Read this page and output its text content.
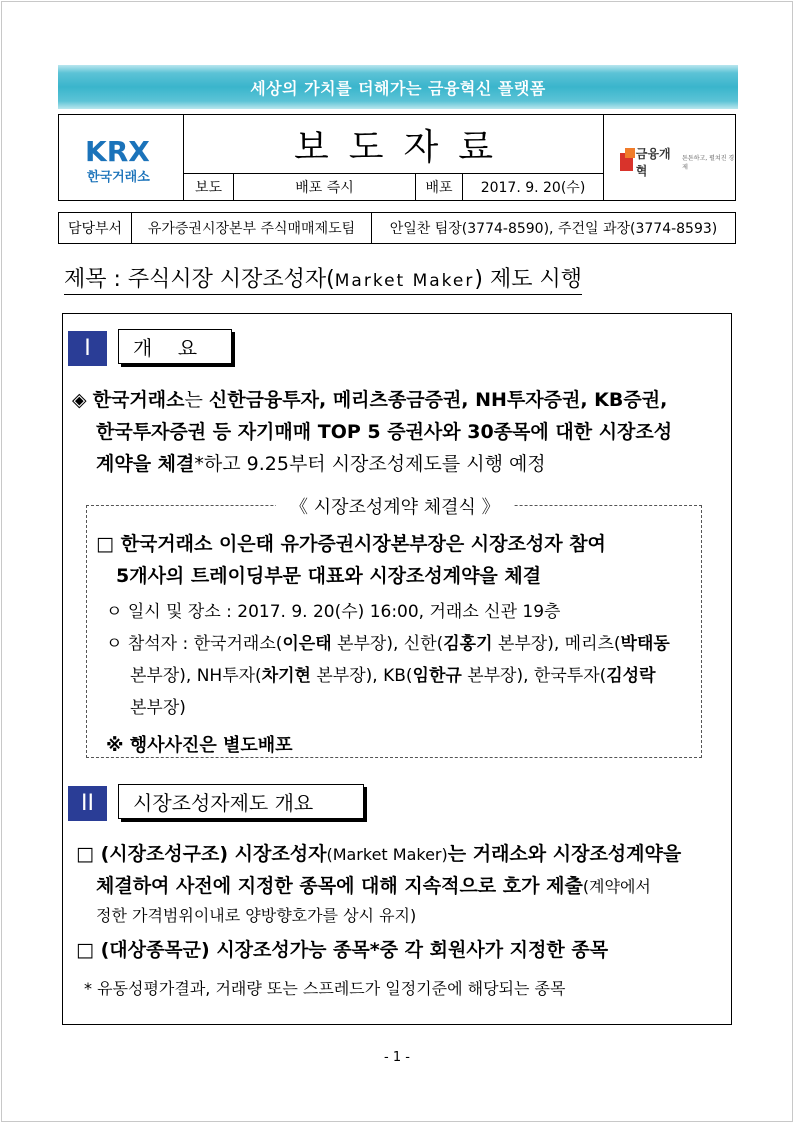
세상의 가치를 더해가는 금융혁신 플랫폼
KRX
한국거래소
보도자료	금융개혁
튼튼하고, 펼쳐진 경제
보도	배포 즉시	배포	2017. 9. 20(수)
담당부서	유가증권시장본부 주식매매제도팀	안일찬 팀장(3774-8590), 주건일 과장(3774-8593)
제목 : 주식시장 시장조성자(Market Maker) 제도 시행
I	개    요
◈ 한국거래소는 신한금융투자, 메리츠종금증권, NH투자증권, KB증권,
한국투자증권 등 자기매매 TOP 5 증권사와 30종목에 대한 시장조성
계약을 체결*하고 9.25부터 시장조성제도를 시행 예정
《 시장조성계약 체결식 》
□ 한국거래소 이은태 유가증권시장본부장은 시장조성자 참여
5개사의 트레이딩부문 대표와 시장조성계약을 체결
ㅇ 일시 및 장소 : 2017. 9. 20(수) 16:00, 거래소 신관 19층
ㅇ 참석자 : 한국거래소(이은태 본부장), 신한(김홍기 본부장), 메리츠(박태동
본부장), NH투자(차기현 본부장), KB(임한규 본부장), 한국투자(김성락
본부장)
※ 행사사진은 별도배포
II	시장조성자제도 개요
□ (시장조성구조) 시장조성자(Market Maker)는 거래소와 시장조성계약을
체결하여 사전에 지정한 종목에 대해 지속적으로 호가 제출(계약에서
정한 가격범위이내로 양방향호가를 상시 유지)
□ (대상종목군) 시장조성가능 종목*중 각 회원사가 지정한 종목
* 유동성평가결과, 거래량 또는 스프레드가 일정기준에 해당되는 종목
- 1 -
